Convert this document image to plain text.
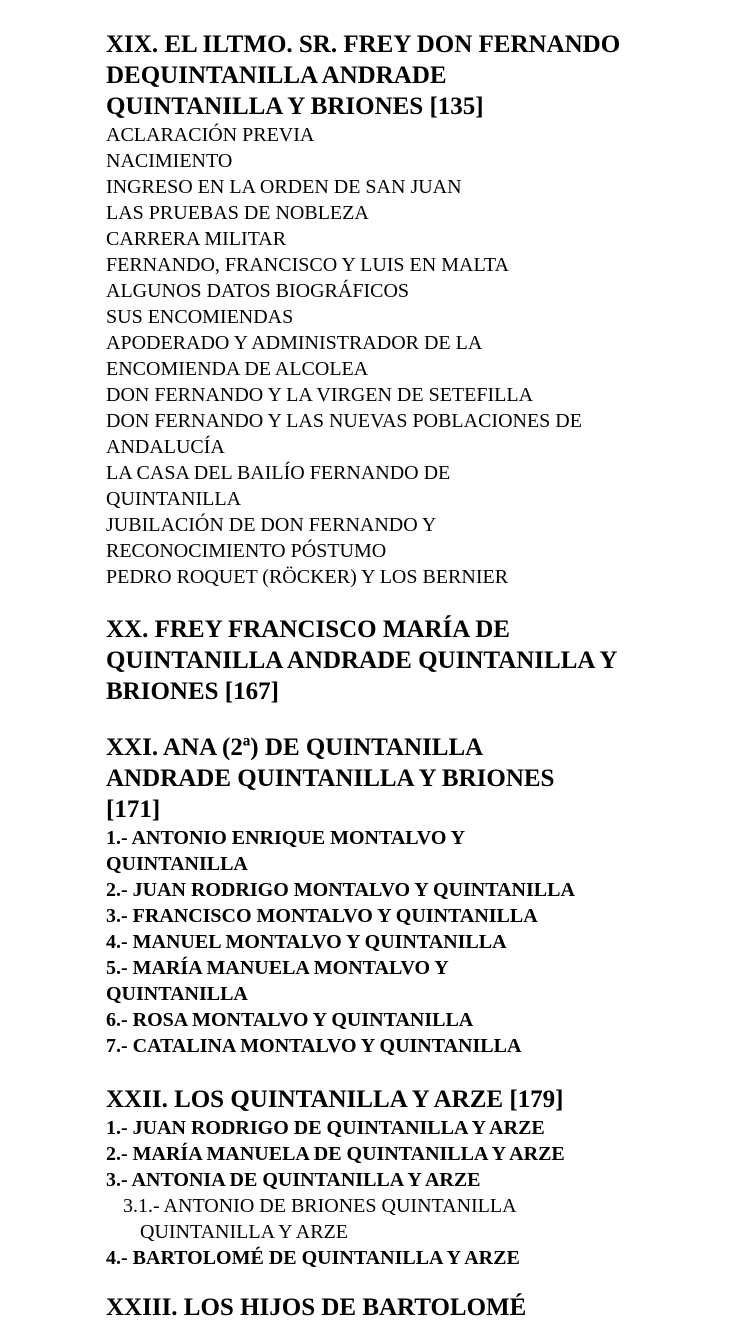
XIX. EL ILTMO. SR. FREY DON FERNANDO DEQUINTANILLA ANDRADE QUINTANILLA Y BRIONES [135]
ACLARACIÓN PREVIA
NACIMIENTO
INGRESO EN LA ORDEN DE SAN JUAN
LAS PRUEBAS DE NOBLEZA
CARRERA MILITAR
FERNANDO, FRANCISCO Y LUIS EN MALTA
ALGUNOS DATOS BIOGRÁFICOS
SUS ENCOMIENDAS
APODERADO Y ADMINISTRADOR DE LA ENCOMIENDA DE ALCOLEA
DON FERNANDO Y LA VIRGEN DE SETEFILLA
DON FERNANDO Y LAS NUEVAS POBLACIONES DE ANDALUCÍA
LA CASA DEL BAILÍO FERNANDO DE QUINTANILLA
JUBILACIÓN DE DON FERNANDO Y RECONOCIMIENTO PÓSTUMO
PEDRO ROQUET (RÖCKER) Y LOS BERNIER
XX. FREY FRANCISCO MARÍA DE QUINTANILLA ANDRADE QUINTANILLA Y BRIONES [167]
XXI. ANA (2ª) DE QUINTANILLA ANDRADE QUINTANILLA Y BRIONES [171]
1.- ANTONIO ENRIQUE MONTALVO Y QUINTANILLA
2.- JUAN RODRIGO MONTALVO Y QUINTANILLA
3.- FRANCISCO MONTALVO Y QUINTANILLA
4.- MANUEL MONTALVO Y QUINTANILLA
5.- MARÍA MANUELA MONTALVO Y QUINTANILLA
6.- ROSA MONTALVO Y QUINTANILLA
7.- CATALINA MONTALVO Y QUINTANILLA
XXII. LOS QUINTANILLA Y ARZE [179]
1.- JUAN RODRIGO DE QUINTANILLA Y ARZE
2.- MARÍA MANUELA DE QUINTANILLA Y ARZE
3.- ANTONIA DE QUINTANILLA Y ARZE
3.1.- ANTONIO DE BRIONES QUINTANILLA
QUINTANILLA Y ARZE
4.- BARTOLOMÉ DE QUINTANILLA Y ARZE
XXIII. LOS HIJOS DE BARTOLOMÉ
